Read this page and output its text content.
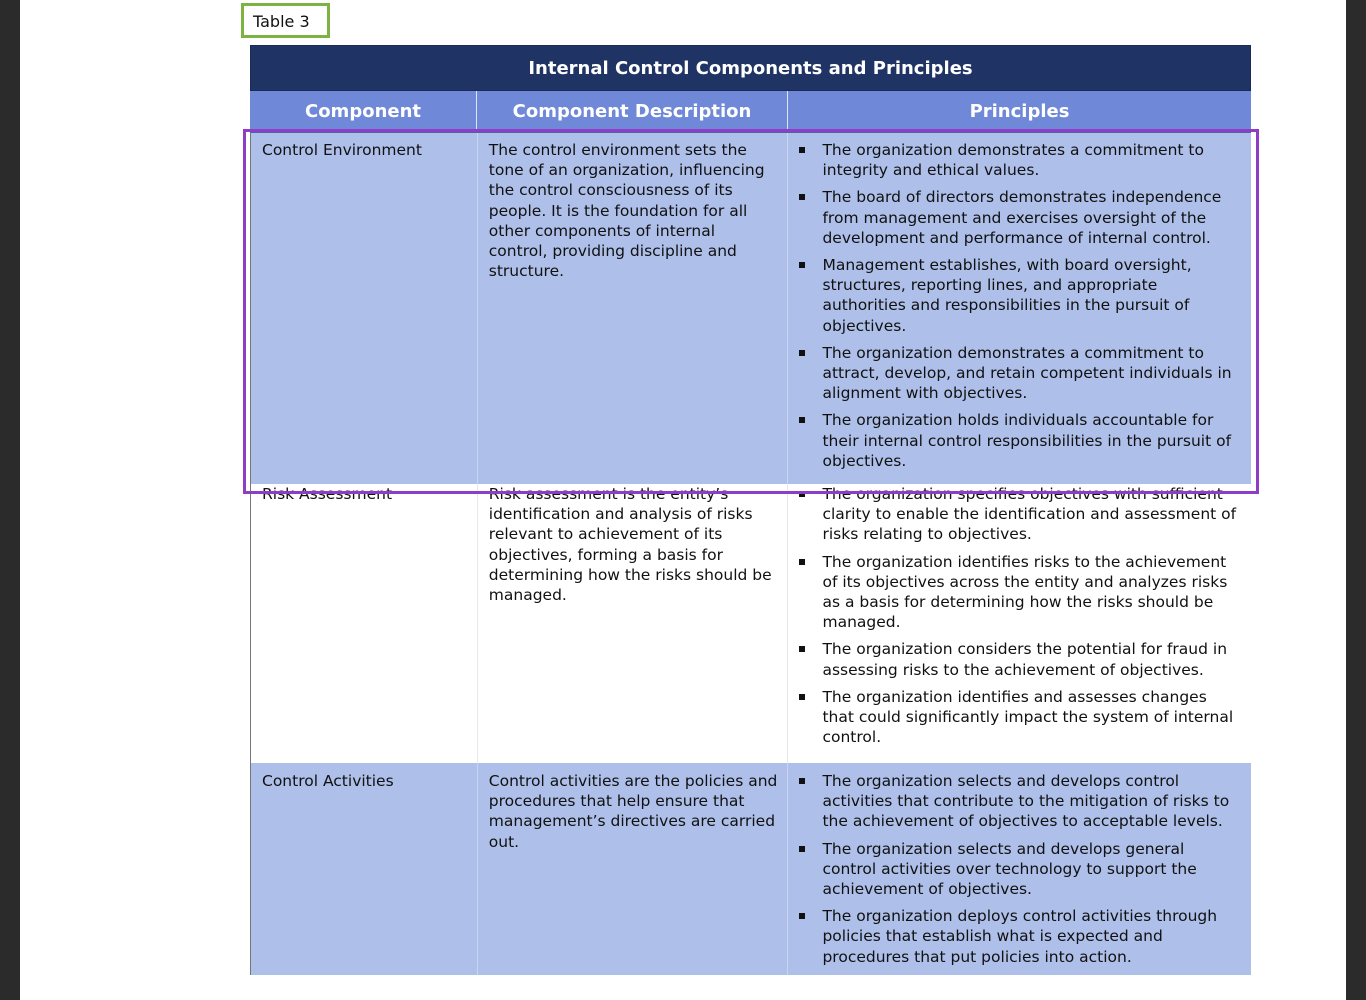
Table 3
Internal Control Components and Principles
Component	Component Description	Principles
Control Environment	The control environment sets the tone of an organization, influencing the control consciousness of its people. It is the foundation for all other components of internal control, providing discipline and structure.
The organization demonstrates a commitment to integrity and ethical values.
The board of directors demonstrates independence from management and exercises oversight of the development and performance of internal control.
Management establishes, with board oversight, structures, reporting lines, and appropriate authorities and responsibilities in the pursuit of objectives.
The organization demonstrates a commitment to attract, develop, and retain competent individuals in alignment with objectives.
The organization holds individuals accountable for their internal control responsibilities in the pursuit of objectives.
Risk Assessment	Risk assessment is the entity’s identification and analysis of risks relevant to achievement of its objectives, forming a basis for determining how the risks should be managed.
The organization specifies objectives with sufficient clarity to enable the identification and assessment of risks relating to objectives.
The organization identifies risks to the achievement of its objectives across the entity and analyzes risks as a basis for determining how the risks should be managed.
The organization considers the potential for fraud in assessing risks to the achievement of objectives.
The organization identifies and assesses changes that could significantly impact the system of internal control.
Control Activities	Control activities are the policies and procedures that help ensure that management’s directives are carried out.
The organization selects and develops control activities that contribute to the mitigation of risks to the achievement of objectives to acceptable levels.
The organization selects and develops general control activities over technology to support the achievement of objectives.
The organization deploys control activities through policies that establish what is expected and procedures that put policies into action.
